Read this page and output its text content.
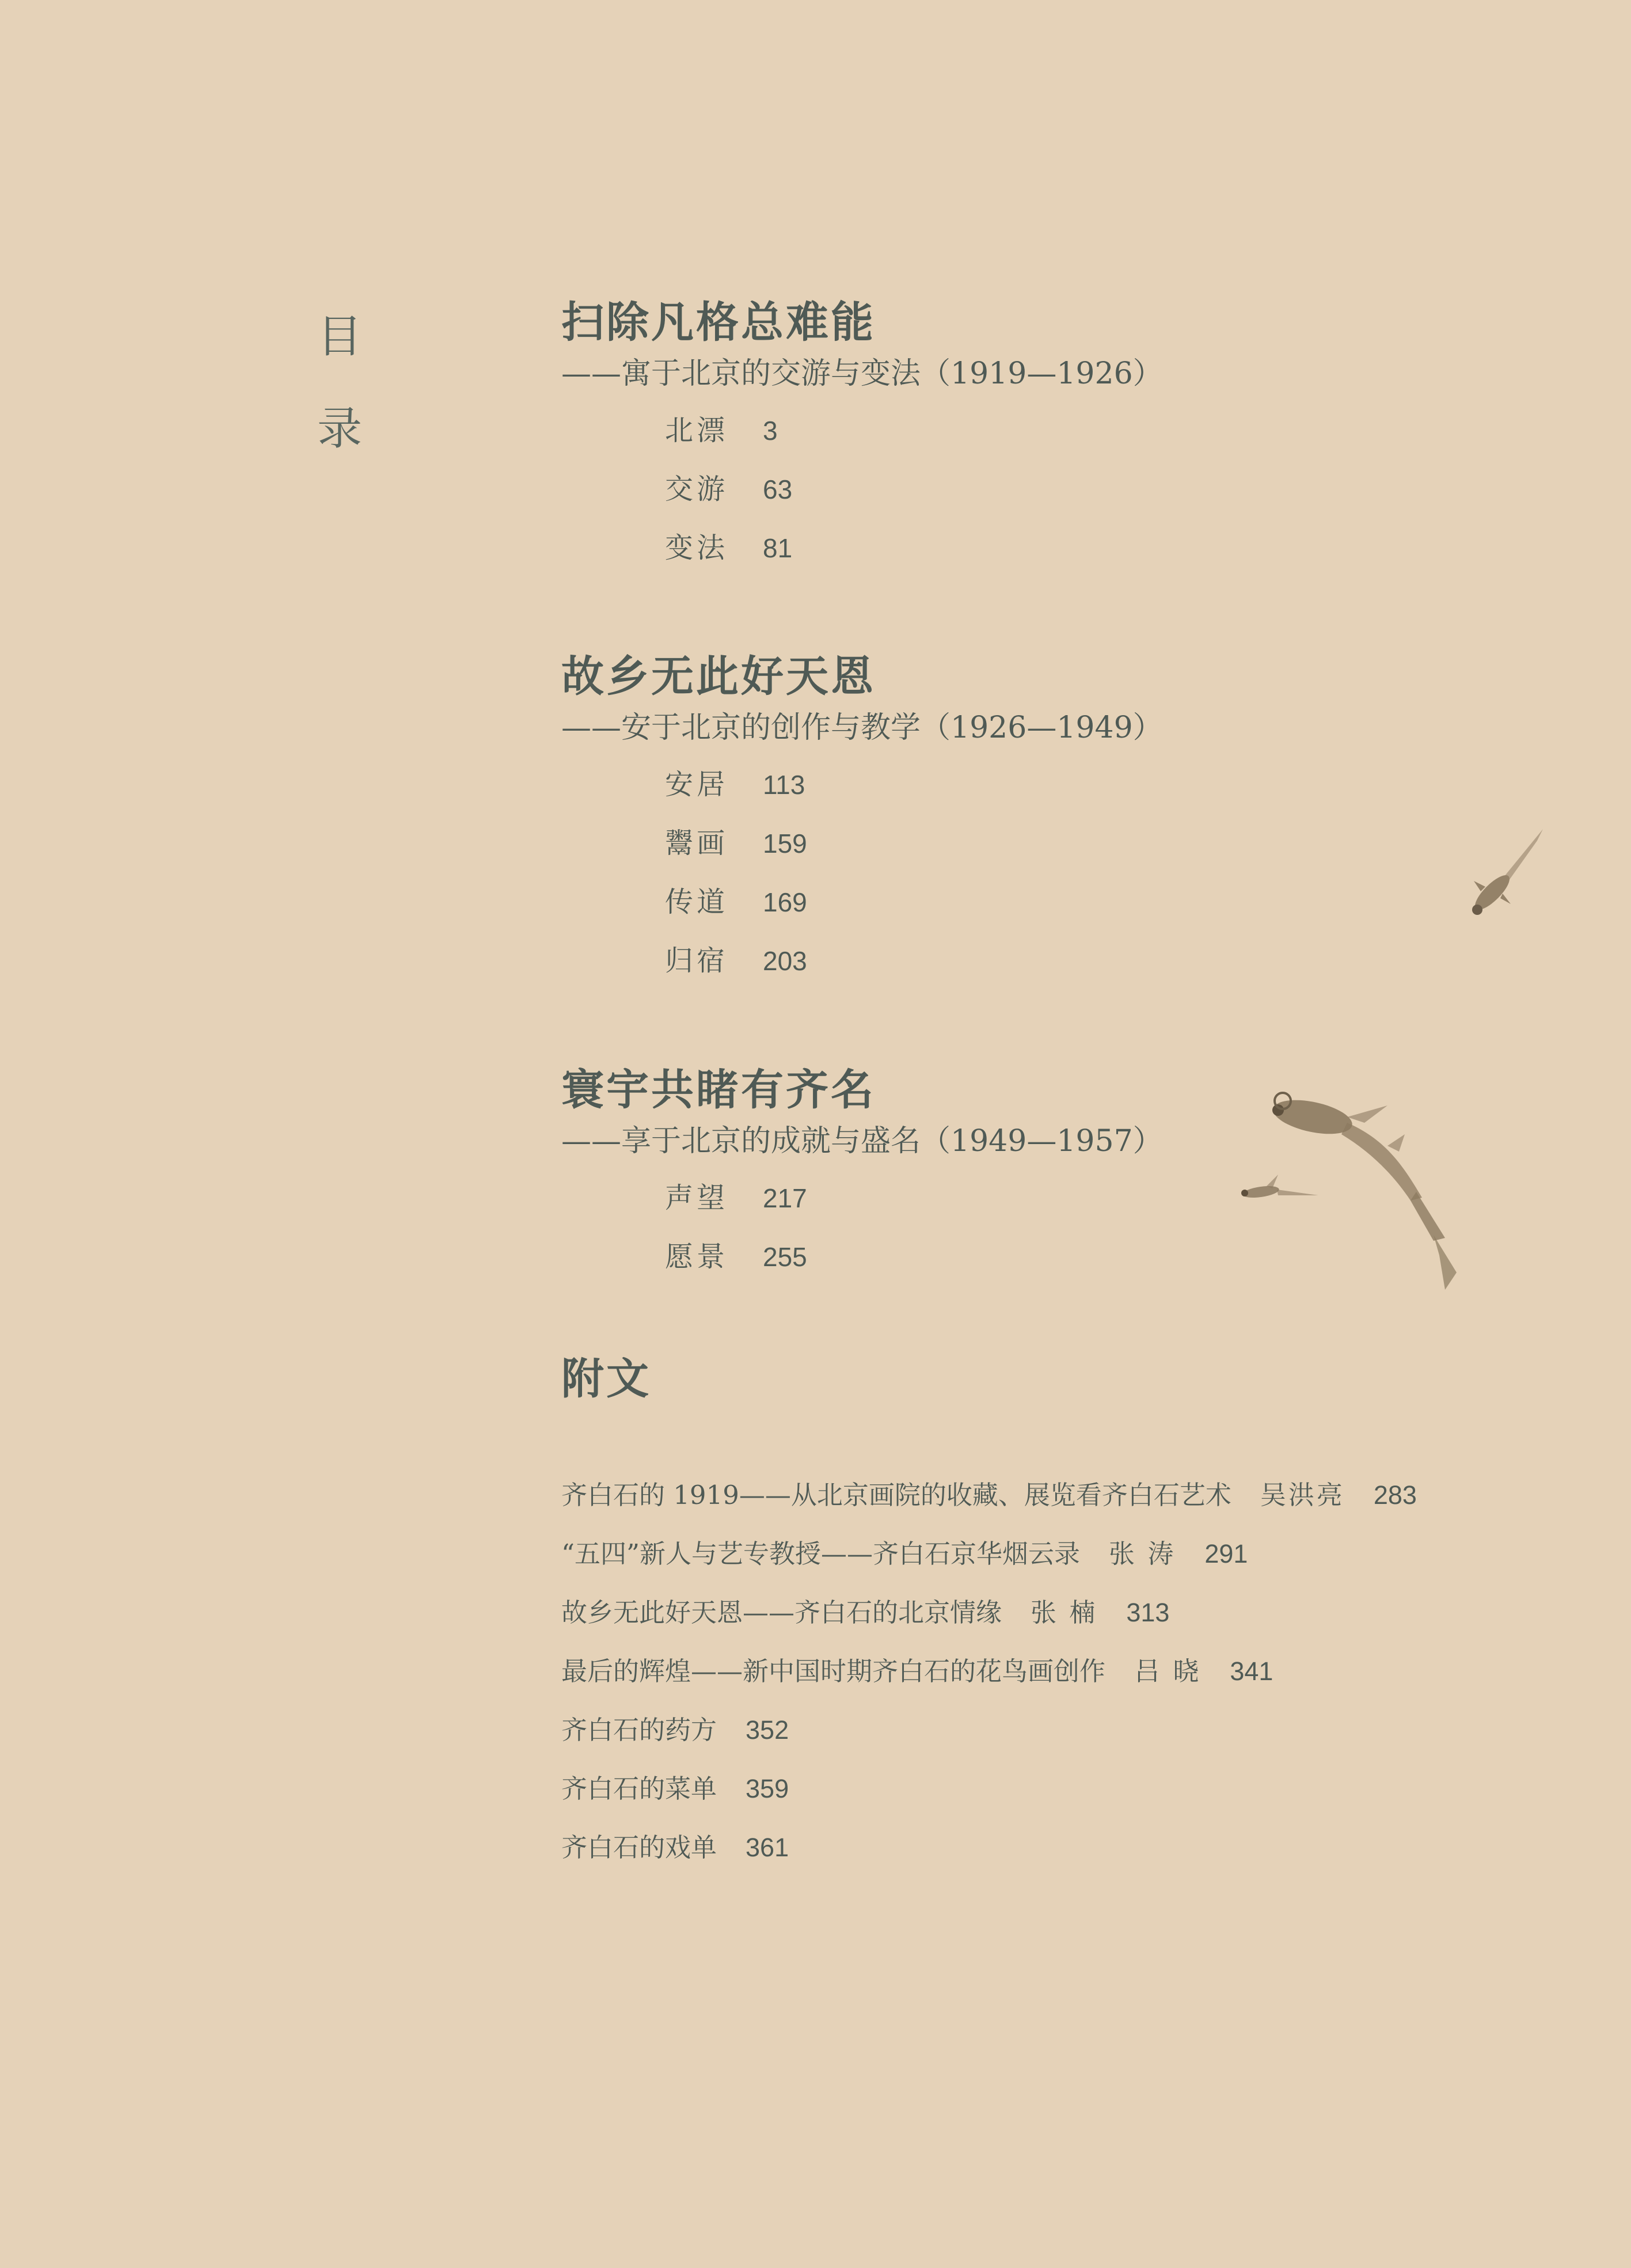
目
录
扫除凡格总难能
——寓于北京的交游与变法（1919—1926）
北漂 3
交游 63
变法 81
故乡无此好天恩
——安于北京的创作与教学（1926—1949）
安居 113
鬻画 159
传道 169
归宿 203
寰宇共睹有齐名
——享于北京的成就与盛名（1949—1957）
声望 217
愿景 255
附文
齐白石的 1919——从北京画院的收藏、展览看齐白石艺术 吴洪亮 283
“五四”新人与艺专教授——齐白石京华烟云录 张 涛 291
故乡无此好天恩——齐白石的北京情缘 张 楠 313
最后的辉煌——新中国时期齐白石的花鸟画创作 吕 晓 341
齐白石的药方 352
齐白石的菜单 359
齐白石的戏单 361
